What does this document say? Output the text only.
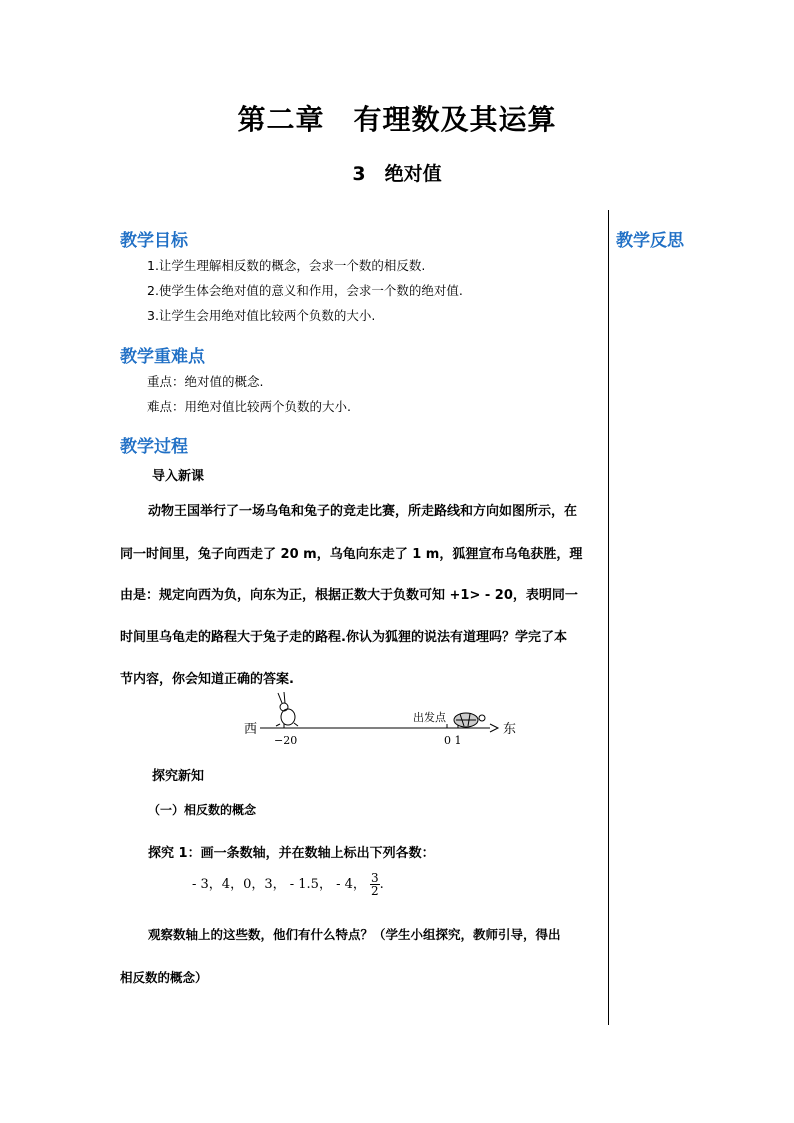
第二章　有理数及其运算
3　绝对值
教学反思
教学目标
1.让学生理解相反数的概念，会求一个数的相反数.
2.使学生体会绝对值的意义和作用，会求一个数的绝对值.
3.让学生会用绝对值比较两个负数的大小.
教学重难点
重点：绝对值的概念.
难点：用绝对值比较两个负数的大小.
教学过程
导入新课
动物王国举行了一场乌龟和兔子的竞走比赛，所走路线和方向如图所示，在
同一时间里，兔子向西走了 20 m，乌龟向东走了 1 m，狐狸宣布乌龟获胜，理
由是：规定向西为负，向东为正，根据正数大于负数可知 +1> - 20，表明同一
时间里乌龟走的路程大于兔子走的路程.你认为狐狸的说法有道理吗？学完了本
节内容，你会知道正确的答案.
西	东
−20	0 1
出发点
探究新知
（一）相反数的概念
探究 1：画一条数轴，并在数轴上标出下列各数：
- 3，4，0，3， - 1.5， - 4， $\frac{3}{2}$ .
观察数轴上的这些数，他们有什么特点？（学生小组探究，教师引导，得出
相反数的概念）
